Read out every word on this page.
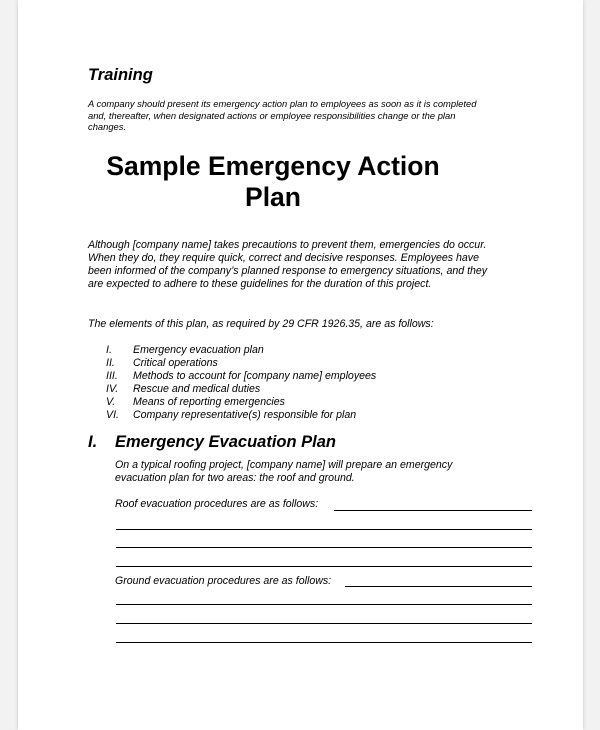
Training
A company should present its emergency action plan to employees as soon as it is completed and, thereafter, when designated actions or employee responsibilities change or the plan changes.
Sample Emergency Action
Plan
Although [company name] takes precautions to prevent them, emergencies do occur. When they do, they require quick, correct and decisive responses. Employees have been informed of the company’s planned response to emergency situations, and they are expected to adhere to these guidelines for the duration of this project.
The elements of this plan, as required by 29 CFR 1926.35, are as follows:
I.	Emergency evacuation plan
II.	Critical operations
III.	Methods to account for [company name] employees
IV.	Rescue and medical duties
V.	Means of reporting emergencies
VI.	Company representative(s) responsible for plan
I. Emergency Evacuation Plan
On a typical roofing project, [company name] will prepare an emergency evacuation plan for two areas: the roof and ground.
Roof evacuation procedures are as follows:
Ground evacuation procedures are as follows:
